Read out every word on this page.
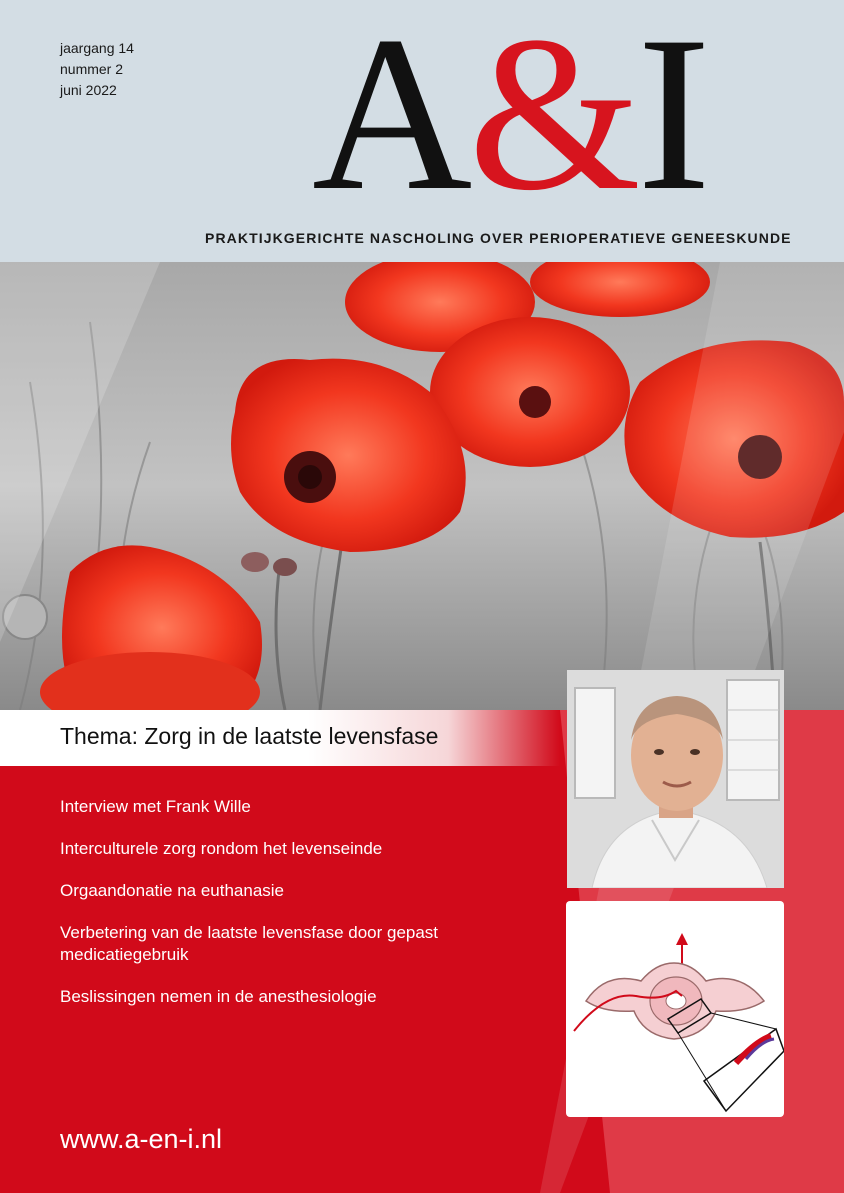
jaargang 14
nummer 2
juni 2022 A&I
PRAKTIJKGERICHTE NASCHOLING OVER PERIOPERATIEVE GENEESKUNDE
Thema: Zorg in de laatste levensfase
Interview met Frank Wille
Interculturele zorg rondom het levenseinde
Orgaandonatie na euthanasie
Verbetering van de laatste levensfase door gepast medicatiegebruik
Beslissingen nemen in de anesthesiologie
www.a-en-i.nl
